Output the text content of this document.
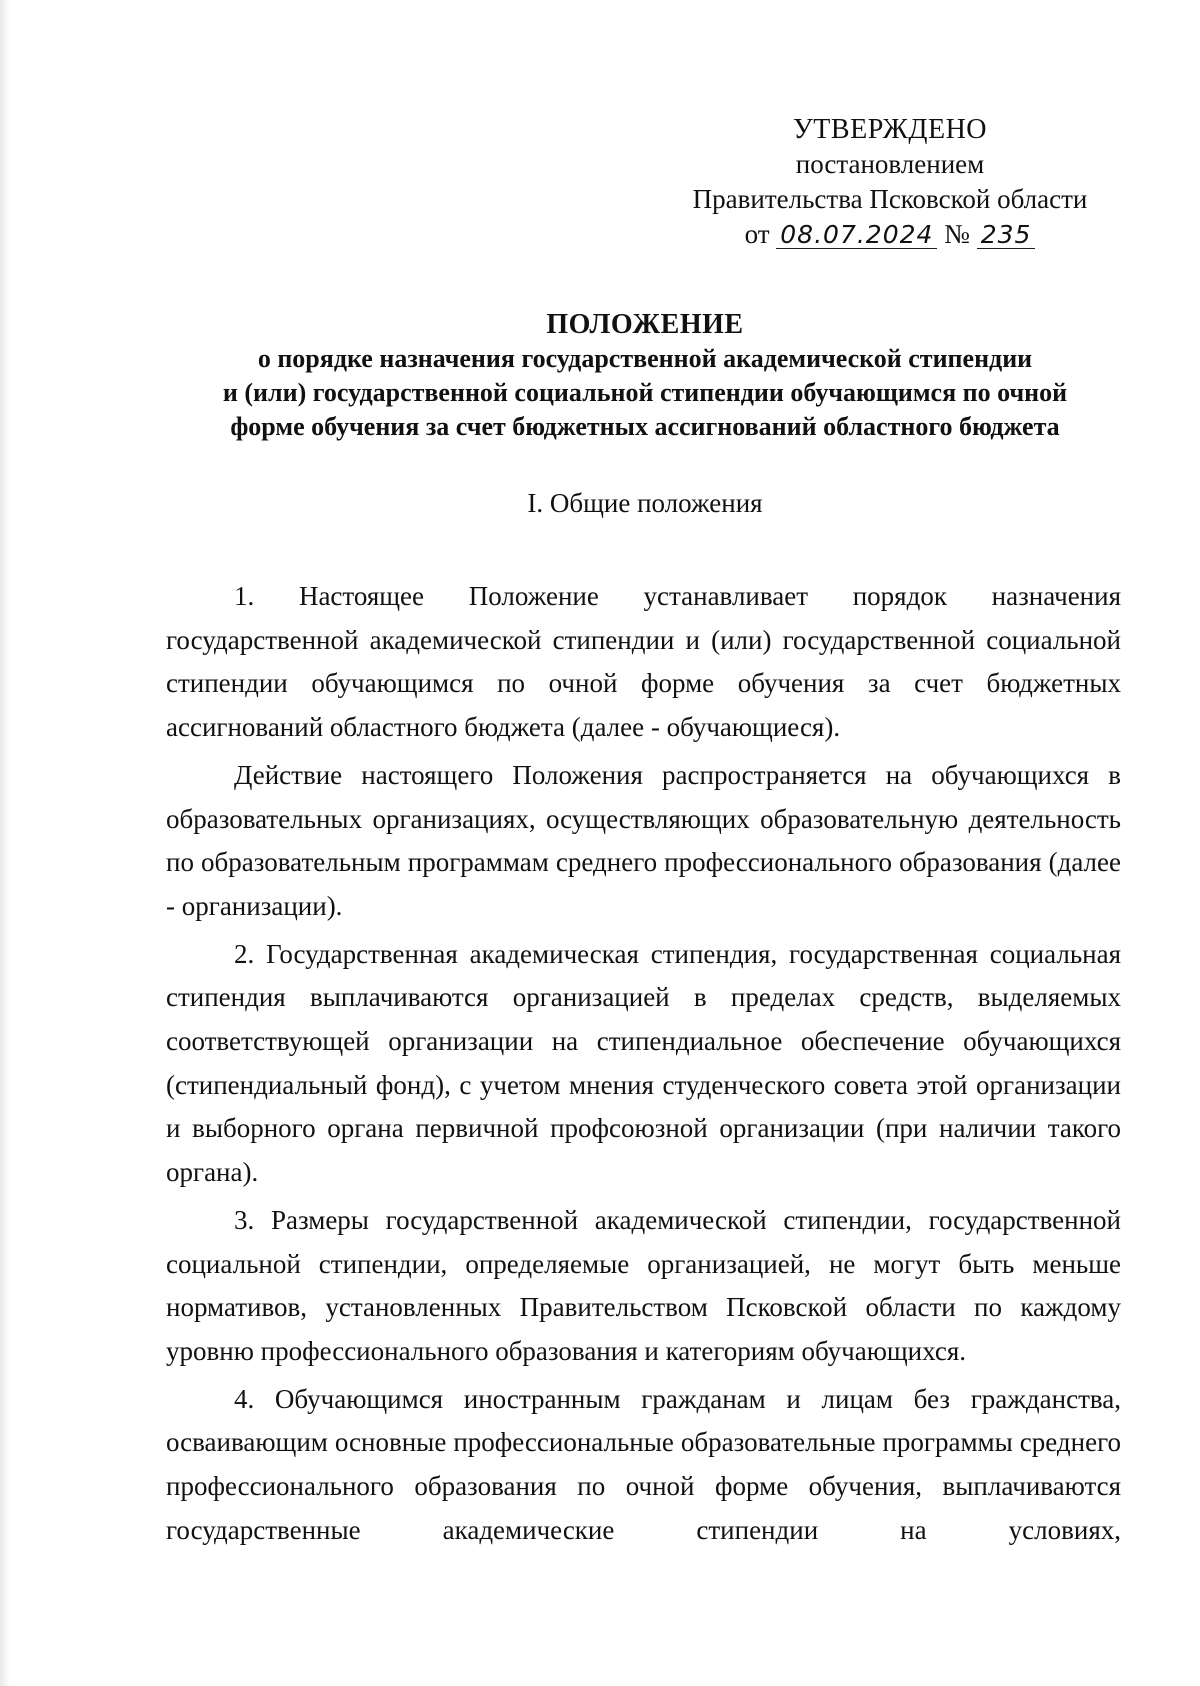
УТВЕРЖДЕНО
постановлением
Правительства Псковской области
от 08.07.2024 № 235
ПОЛОЖЕНИЕ
о порядке назначения государственной академической стипендии
и (или) государственной социальной стипендии обучающимся по очной
форме обучения за счет бюджетных ассигнований областного бюджета
I. Общие положения

1. Настоящее Положение устанавливает порядок назначения государственной академической стипендии и (или) государственной социальной стипендии обучающимся по очной форме обучения за счет бюджетных ассигнований областного бюджета (далее - обучающиеся).

Действие настоящего Положения распространяется на обучающихся в образовательных организациях, осуществляющих образовательную деятельность по образовательным программам среднего профессионального образования (далее - организации).

2. Государственная академическая стипендия, государственная социальная стипендия выплачиваются организацией в пределах средств, выделяемых соответствующей организации на стипендиальное обеспечение обучающихся (стипендиальный фонд), с учетом мнения студенческого совета этой организации и выборного органа первичной профсоюзной организации (при наличии такого органа).

3. Размеры государственной академической стипендии, государственной социальной стипендии, определяемые организацией, не могут быть меньше нормативов, установленных Правительством Псковской области по каждому уровню профессионального образования и категориям обучающихся.

4. Обучающимся иностранным гражданам и лицам без гражданства, осваивающим основные профессиональные образовательные программы среднего профессионального образования по очной форме обучения, выплачиваются государственные академические стипендии на условиях,
